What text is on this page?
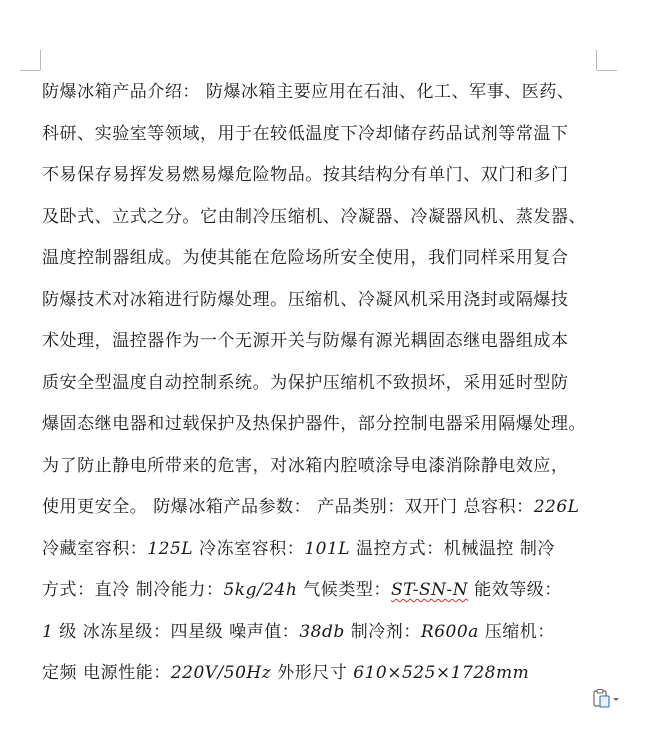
防爆冰箱产品介绍： 防爆冰箱主要应用在石油、化工、军事、医药、
科研、实验室等领域，用于在较低温度下冷却储存药品试剂等常温下
不易保存易挥发易燃易爆危险物品。按其结构分有单门、双门和多门
及卧式、立式之分。它由制冷压缩机、冷凝器、冷凝器风机、蒸发器、
温度控制器组成。为使其能在危险场所安全使用，我们同样采用复合
防爆技术对冰箱进行防爆处理。压缩机、冷凝风机采用浇封或隔爆技
术处理，温控器作为一个无源开关与防爆有源光耦固态继电器组成本
质安全型温度自动控制系统。为保护压缩机不致损坏，采用延时型防
爆固态继电器和过载保护及热保护器件，部分控制电器采用隔爆处理。
为了防止静电所带来的危害，对冰箱内腔喷涂导电漆消除静电效应，
使用更安全。 防爆冰箱产品参数： 产品类别：双开门 总容积：226L
冷藏室容积：125L 冷冻室容积：101L 温控方式：机械温控 制冷
方式：直冷 制冷能力：5kg/24h 气候类型：ST-SN-N 能效等级：
1 级 冰冻星级：四星级 噪声值：38db 制冷剂：R600a 压缩机：
定频 电源性能：220V/50Hz 外形尺寸 610×525×1728mm
